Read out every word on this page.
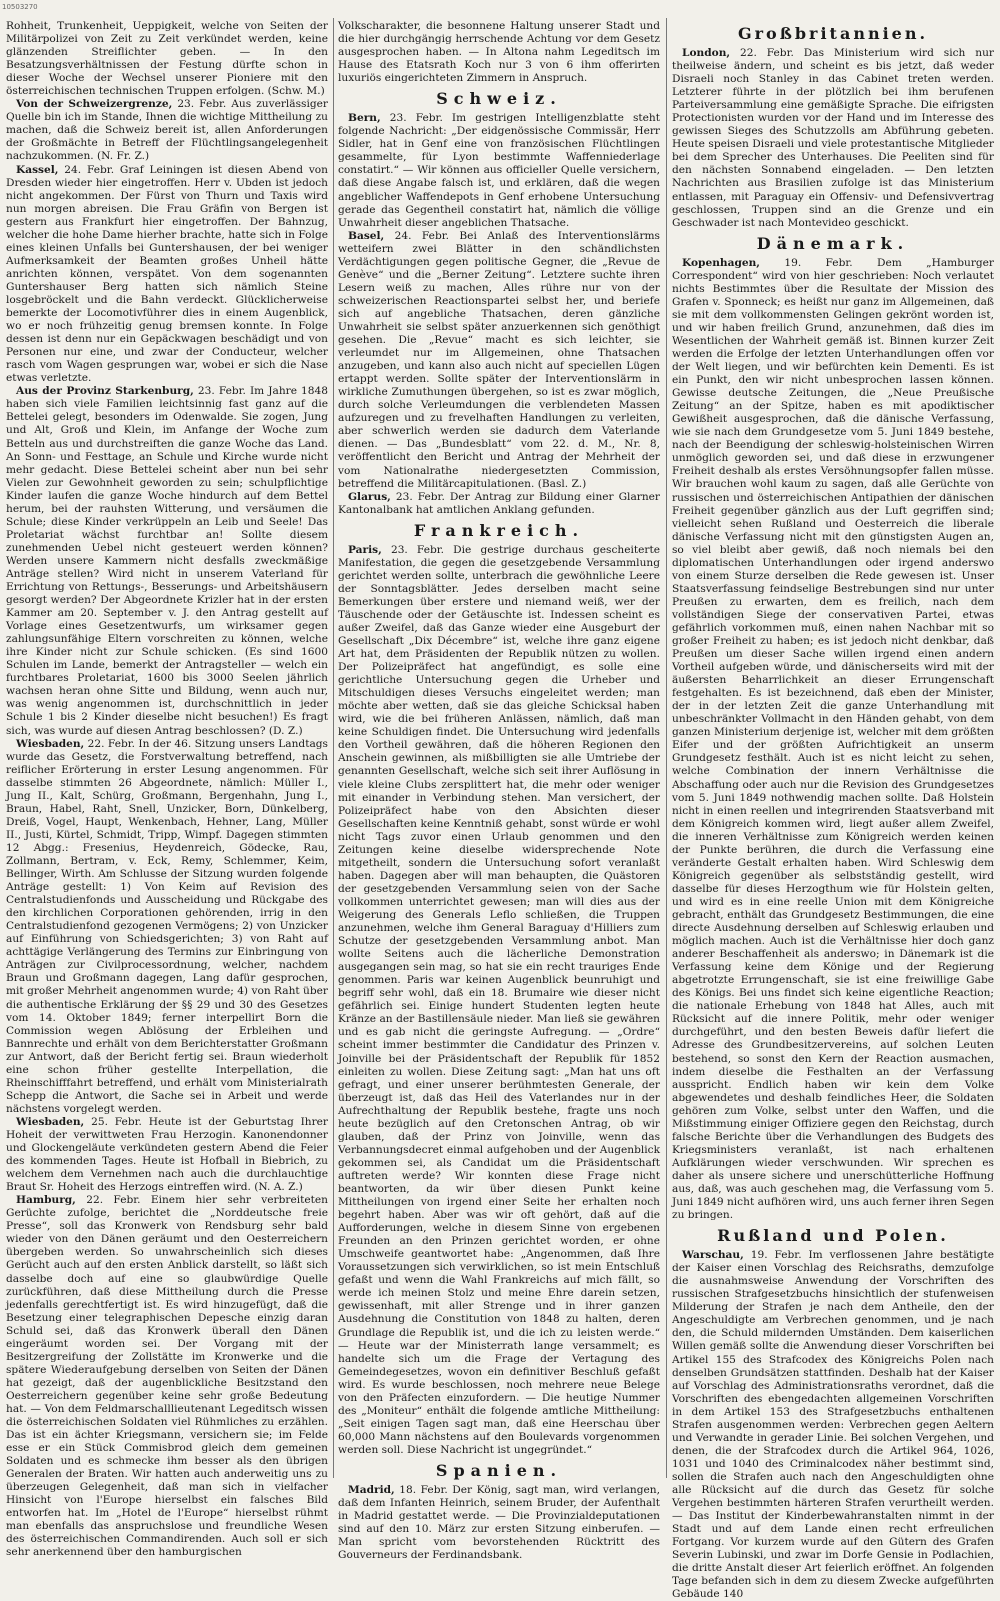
10503270

Rohheit, Trunkenheit, Ueppigkeit, welche von Seiten der Militärpolizei von Zeit zu Zeit verkündet werden, keine glänzenden Streiflichter geben. — In den Besatzungsverhältnissen der Festung dürfte schon in dieser Woche der Wechsel unserer Pioniere mit den österreichischen technischen Truppen erfolgen. (Schw. M.)

Von der Schweizergrenze, 23. Febr. Aus zuverlässiger Quelle bin ich im Stande, Ihnen die wichtige Mittheilung zu machen, daß die Schweiz bereit ist, allen Anforderungen der Großmächte in Betreff der Flüchtlingsangelegenheit nachzukommen. (N. Fr. Z.)

Kassel, 24. Febr. Graf Leiningen ist diesen Abend von Dresden wieder hier eingetroffen. Herr v. Ubden ist jedoch nicht angekommen. Der Fürst von Thurn und Taxis wird nun morgen abreisen. Die Frau Gräfin von Bergen ist gestern aus Frankfurt hier eingetroffen. Der Bahnzug, welcher die hohe Dame hierher brachte, hatte sich in Folge eines kleinen Unfalls bei Guntershausen, der bei weniger Aufmerksamkeit der Beamten großes Unheil hätte anrichten können, verspätet. Von dem sogenannten Guntershauser Berg hatten sich nämlich Steine losgebröckelt und die Bahn verdeckt. Glücklicherweise bemerkte der Locomotivführer dies in einem Augenblick, wo er noch frühzeitig genug bremsen konnte. In Folge dessen ist denn nur ein Gepäckwagen beschädigt und von Personen nur eine, und zwar der Conducteur, welcher rasch vom Wagen gesprungen war, wobei er sich die Nase etwas verletzte.

Aus der Provinz Starkenburg, 23. Febr. Im Jahre 1848 haben sich viele Familien leichtsinnig fast ganz auf die Bettelei gelegt, besonders im Odenwalde. Sie zogen, Jung und Alt, Groß und Klein, im Anfange der Woche zum Betteln aus und durchstreiften die ganze Woche das Land. An Sonn- und Festtage, an Schule und Kirche wurde nicht mehr gedacht. Diese Bettelei scheint aber nun bei sehr Vielen zur Gewohnheit geworden zu sein; schulpflichtige Kinder laufen die ganze Woche hindurch auf dem Bettel herum, bei der rauhsten Witterung, und versäumen die Schule; diese Kinder verkrüppeln an Leib und Seele! Das Proletariat wächst furchtbar an! Sollte diesem zunehmenden Uebel nicht gesteuert werden können? Werden unsere Kammern nicht desfalls zweckmäßige Anträge stellen? Wird nicht in unserem Vaterland für Errichtung von Rettungs-, Besserungs- und Arbeitshäusern gesorgt werden? Der Abgeordnete Krizler hat in der ersten Kammer am 20. September v. J. den Antrag gestellt auf Vorlage eines Gesetzentwurfs, um wirksamer gegen zahlungsunfähige Eltern vorschreiten zu können, welche ihre Kinder nicht zur Schule schicken. (Es sind 1600 Schulen im Lande, bemerkt der Antragsteller — welch ein furchtbares Proletariat, 1600 bis 3000 Seelen jährlich wachsen heran ohne Sitte und Bildung, wenn auch nur, was wenig angenommen ist, durchschnittlich in jeder Schule 1 bis 2 Kinder dieselbe nicht besuchen!) Es fragt sich, was wurde auf diesen Antrag beschlossen? (D. Z.)

Wiesbaden, 22. Febr. In der 46. Sitzung unsers Landtags wurde das Gesetz, die Forstverwaltung betreffend, nach reiflicher Erörterung in erster Lesung angenommen. Für dasselbe stimmten 26 Abgeordnete, nämlich: Müller I., Jung II., Kalt, Schürg, Großmann, Bergenhahn, Jung I., Braun, Habel, Raht, Snell, Unzicker, Born, Dünkelberg, Dreiß, Vogel, Haupt, Wenkenbach, Hehner, Lang, Müller II., Justi, Kürtel, Schmidt, Tripp, Wimpf. Dagegen stimmten 12 Abgg.: Fresenius, Heydenreich, Gödecke, Rau, Zollmann, Bertram, v. Eck, Remy, Schlemmer, Keim, Bellinger, Wirth. Am Schlusse der Sitzung wurden folgende Anträge gestellt: 1) Von Keim auf Revision des Centralstudienfonds und Ausscheidung und Rückgabe des den kirchlichen Corporationen gehörenden, irrig in den Centralstudienfond gezogenen Vermögens; 2) von Unzicker auf Einführung von Schiedsgerichten; 3) von Raht auf achttägige Verlängerung des Termins zur Einbringung von Anträgen zur Civilprocessordnung, welcher, nachdem Braun und Großmann dagegen, Lang dafür gesprochen, mit großer Mehrheit angenommen wurde; 4) von Raht über die authentische Erklärung der §§ 29 und 30 des Gesetzes vom 14. Oktober 1849; ferner interpellirt Born die Commission wegen Ablösung der Erbleihen und Bannrechte und erhält von dem Berichterstatter Großmann zur Antwort, daß der Bericht fertig sei. Braun wiederholt eine schon früher gestellte Interpellation, die Rheinschifffahrt betreffend, und erhält vom Ministerialrath Schepp die Antwort, die Sache sei in Arbeit und werde nächstens vorgelegt werden.

Wiesbaden, 25. Febr. Heute ist der Geburtstag Ihrer Hoheit der verwittweten Frau Herzogin. Kanonendonner und Glockengeläute verkündeten gestern Abend die Feier des kommenden Tages. Heute ist Hofball in Biebrich, zu welchem dem Vernehmen nach auch die durchlauchtige Braut Sr. Hoheit des Herzogs eintreffen wird. (N. A. Z.)

Hamburg, 22. Febr. Einem hier sehr verbreiteten Gerüchte zufolge, berichtet die „Norddeutsche freie Presse“, soll das Kronwerk von Rendsburg sehr bald wieder von den Dänen geräumt und den Oesterreichern übergeben werden. So unwahrscheinlich sich dieses Gerücht auch auf den ersten Anblick darstellt, so läßt sich dasselbe doch auf eine so glaubwürdige Quelle zurückführen, daß diese Mittheilung durch die Presse jedenfalls gerechtfertigt ist. Es wird hinzugefügt, daß die Besetzung einer telegraphischen Depesche einzig daran Schuld sei, daß das Kronwerk überall den Dänen eingeräumt worden sei. Der Vorgang mit der Besitzergreifung der Zollstätte im Kronwerke und die spätere Wiederaufgebung derselben von Seiten der Dänen hat gezeigt, daß der augenblickliche Besitzstand den Oesterreichern gegenüber keine sehr große Bedeutung hat. — Von dem Feldmarschalllieutenant Legeditsch wissen die österreichischen Soldaten viel Rühmliches zu erzählen. Das ist ein ächter Kriegsmann, versichern sie; im Felde esse er ein Stück Commisbrod gleich dem gemeinen Soldaten und es schmecke ihm besser als den übrigen Generalen der Braten. Wir hatten auch anderweitig uns zu überzeugen Gelegenheit, daß man sich in vielfacher Hinsicht von l'Europe hierselbst ein falsches Bild entworfen hat. Im „Hotel de l'Europe“ hierselbst rühmt man ebenfalls das anspruchslose und freundliche Wesen des österreichischen Commandirenden. Auch soll er sich sehr anerkennend über den hamburgischen

Volkscharakter, die besonnene Haltung unserer Stadt und die hier durchgängig herrschende Achtung vor dem Gesetz ausgesprochen haben. — In Altona nahm Legeditsch im Hause des Etatsrath Koch nur 3 von 6 ihm offerirten luxuriös eingerichteten Zimmern in Anspruch.

Schweiz.

Bern, 23. Febr. Im gestrigen Intelligenzblatte steht folgende Nachricht: „Der eidgenössische Commissär, Herr Sidler, hat in Genf eine von französischen Flüchtlingen gesammelte, für Lyon bestimmte Waffenniederlage constatirt.“ — Wir können aus officieller Quelle versichern, daß diese Angabe falsch ist, und erklären, daß die wegen angeblicher Waffendepots in Genf erhobene Untersuchung gerade das Gegentheil constatirt hat, nämlich die völlige Unwahrheit dieser angeblichen Thatsache.

Basel, 24. Febr. Bei Anlaß des Interventionslärms wetteifern zwei Blätter in den schändlichsten Verdächtigungen gegen politische Gegner, die „Revue de Genève“ und die „Berner Zeitung“. Letztere suchte ihren Lesern weiß zu machen, Alles rühre nur von der schweizerischen Reactionspartei selbst her, und beriefe sich auf angebliche Thatsachen, deren gänzliche Unwahrheit sie selbst später anzuerkennen sich genöthigt gesehen. Die „Revue“ macht es sich leichter, sie verleumdet nur im Allgemeinen, ohne Thatsachen anzugeben, und kann also auch nicht auf speciellen Lügen ertappt werden. Sollte später der Interventionslärm in wirkliche Zumuthungen übergehen, so ist es zwar möglich, durch solche Verleumdungen die verblendeten Massen aufzuregen und zu frevelhaften Handlungen zu verleiten, aber schwerlich werden sie dadurch dem Vaterlande dienen. — Das „Bundesblatt“ vom 22. d. M., Nr. 8, veröffentlicht den Bericht und Antrag der Mehrheit der vom Nationalrathe niedergesetzten Commission, betreffend die Militärcapitulationen. (Basl. Z.)

Glarus, 23. Febr. Der Antrag zur Bildung einer Glarner Kantonalbank hat amtlichen Anklang gefunden.

Frankreich.

Paris, 23. Febr. Die gestrige durchaus gescheiterte Manifestation, die gegen die gesetzgebende Versammlung gerichtet werden sollte, unterbrach die gewöhnliche Leere der Sonntagsblätter. Jedes derselben macht seine Bemerkungen über erstere und niemand weiß, wer der Täuschende oder der Getäuschte ist. Indessen scheint es außer Zweifel, daß das Ganze wieder eine Ausgeburt der Gesellschaft „Dix Décembre“ ist, welche ihre ganz eigene Art hat, dem Präsidenten der Republik nützen zu wollen. Der Polizeipräfect hat angefündigt, es solle eine gerichtliche Untersuchung gegen die Urheber und Mitschuldigen dieses Versuchs eingeleitet werden; man möchte aber wetten, daß sie das gleiche Schicksal haben wird, wie die bei früheren Anlässen, nämlich, daß man keine Schuldigen findet. Die Untersuchung wird jedenfalls den Vortheil gewähren, daß die höheren Regionen den Anschein gewinnen, als mißbilligten sie alle Umtriebe der genannten Gesellschaft, welche sich seit ihrer Auflösung in viele kleine Clubs zersplittert hat, die mehr oder weniger mit einander in Verbindung stehen. Man versichert, der Polizeipräfect habe von den Absichten dieser Gesellschaften keine Kenntniß gehabt, sonst würde er wohl nicht Tags zuvor einen Urlaub genommen und den Zeitungen keine dieselbe widersprechende Note mitgetheilt, sondern die Untersuchung sofort veranlaßt haben. Dagegen aber will man behaupten, die Quästoren der gesetzgebenden Versammlung seien von der Sache vollkommen unterrichtet gewesen; man will dies aus der Weigerung des Generals Leflo schließen, die Truppen anzunehmen, welche ihm General Baraguay d'Hilliers zum Schutze der gesetzgebenden Versammlung anbot. Man wollte Seitens auch die lächerliche Demonstration ausgegangen sein mag, so hat sie ein recht trauriges Ende genommen. Paris war keinen Augenblick beunruhigt und begriff sehr wohl, daß ein 18. Brumaire wie dieser nicht gefährlich sei. Einige hundert Studenten legten heute Kränze an der Bastillensäule nieder. Man ließ sie gewähren und es gab nicht die geringste Aufregung. — „Ordre“ scheint immer bestimmter die Candidatur des Prinzen v. Joinville bei der Präsidentschaft der Republik für 1852 einleiten zu wollen. Diese Zeitung sagt: „Man hat uns oft gefragt, und einer unserer berühmtesten Generale, der überzeugt ist, daß das Heil des Vaterlandes nur in der Aufrechthaltung der Republik bestehe, fragte uns noch heute bezüglich auf den Cretonschen Antrag, ob wir glauben, daß der Prinz von Joinville, wenn das Verbannungsdecret einmal aufgehoben und der Augenblick gekommen sei, als Candidat um die Präsidentschaft auftreten werde? Wir konnten diese Frage nicht beantworten, da wir über diesen Punkt keine Mittheilungen von irgend einer Seite her erhalten noch begehrt haben. Aber was wir oft gehört, daß auf die Aufforderungen, welche in diesem Sinne von ergebenen Freunden an den Prinzen gerichtet worden, er ohne Umschweife geantwortet habe: „Angenommen, daß Ihre Voraussetzungen sich verwirklichen, so ist mein Entschluß gefaßt und wenn die Wahl Frankreichs auf mich fällt, so werde ich meinen Stolz und meine Ehre darein setzen, gewissenhaft, mit aller Strenge und in ihrer ganzen Ausdehnung die Constitution von 1848 zu halten, deren Grundlage die Republik ist, und die ich zu leisten werde.“ — Heute war der Ministerrath lange versammelt; es handelte sich um die Frage der Vertagung des Gemeindegesetzes, wovon ein definitiver Beschluß gefaßt wird. Es wurde beschlossen, noch mehrere neue Belege von den Präfecten einzufordern. — Die heutige Nummer des „Moniteur“ enthält die folgende amtliche Mittheilung: „Seit einigen Tagen sagt man, daß eine Heerschau über 60,000 Mann nächstens auf den Boulevards vorgenommen werden soll. Diese Nachricht ist ungegründet.“

Spanien.

Madrid, 18. Febr. Der König, sagt man, wird verlangen, daß dem Infanten Heinrich, seinem Bruder, der Aufenthalt in Madrid gestattet werde. — Die Provinzialdeputationen sind auf den 10. März zur ersten Sitzung einberufen. — Man spricht vom bevorstehenden Rücktritt des Gouverneurs der Ferdinandsbank.

Großbritannien.

London, 22. Febr. Das Ministerium wird sich nur theilweise ändern, und scheint es bis jetzt, daß weder Disraeli noch Stanley in das Cabinet treten werden. Letzterer führte in der plötzlich bei ihm berufenen Parteiversammlung eine gemäßigte Sprache. Die eifrigsten Protectionisten wurden vor der Hand und im Interesse des gewissen Sieges des Schutzzolls am Abführung gebeten. Heute speisen Disraeli und viele protestantische Mitglieder bei dem Sprecher des Unterhauses. Die Peeliten sind für den nächsten Sonnabend eingeladen. — Den letzten Nachrichten aus Brasilien zufolge ist das Ministerium entlassen, mit Paraguay ein Offensiv- und Defensivvertrag geschlossen, Truppen sind an die Grenze und ein Geschwader ist nach Montevideo geschickt.

Dänemark.

Kopenhagen, 19. Febr. Dem „Hamburger Correspondent“ wird von hier geschrieben: Noch verlautet nichts Bestimmtes über die Resultate der Mission des Grafen v. Sponneck; es heißt nur ganz im Allgemeinen, daß sie mit dem vollkommensten Gelingen gekrönt worden ist, und wir haben freilich Grund, anzunehmen, daß dies im Wesentlichen der Wahrheit gemäß ist. Binnen kurzer Zeit werden die Erfolge der letzten Unterhandlungen offen vor der Welt liegen, und wir befürchten kein Dementi. Es ist ein Punkt, den wir nicht unbesprochen lassen können. Gewisse deutsche Zeitungen, die „Neue Preußische Zeitung“ an der Spitze, haben es mit apodiktischer Gewißheit ausgesprochen, daß die dänische Verfassung, wie sie nach dem Grundgesetze vom 5. Juni 1849 bestehe, nach der Beendigung der schleswig-holsteinischen Wirren unmöglich geworden sei, und daß diese in erzwungener Freiheit deshalb als erstes Versöhnungsopfer fallen müsse. Wir brauchen wohl kaum zu sagen, daß alle Gerüchte von russischen und österreichischen Antipathien der dänischen Freiheit gegenüber gänzlich aus der Luft gegriffen sind; vielleicht sehen Rußland und Oesterreich die liberale dänische Verfassung nicht mit den günstigsten Augen an, so viel bleibt aber gewiß, daß noch niemals bei den diplomatischen Unterhandlungen oder irgend anderswo von einem Sturze derselben die Rede gewesen ist. Unser Staatsverfassung feindselige Bestrebungen sind nur unter Preußen zu erwarten, dem es freilich, nach dem vollständigen Siege der conservativen Partei, etwas gefährlich vorkommen muß, einen nahen Nachbar mit so großer Freiheit zu haben; es ist jedoch nicht denkbar, daß Preußen um dieser Sache willen irgend einen andern Vortheil aufgeben würde, und dänischerseits wird mit der äußersten Beharrlichkeit an dieser Errungenschaft festgehalten. Es ist bezeichnend, daß eben der Minister, der in der letzten Zeit die ganze Unterhandlung mit unbeschränkter Vollmacht in den Händen gehabt, von dem ganzen Ministerium derjenige ist, welcher mit dem größten Eifer und der größten Aufrichtigkeit an unserm Grundgesetz festhält. Auch ist es nicht leicht zu sehen, welche Combination der innern Verhältnisse die Abschaffung oder auch nur die Revision des Grundgesetzes vom 5. Juni 1849 nothwendig machen sollte. Daß Holstein nicht in einen reellen und integrirenden Staatsverband mit dem Königreich kommen wird, liegt außer allem Zweifel, die inneren Verhältnisse zum Königreich werden keinen der Punkte berühren, die durch die Verfassung eine veränderte Gestalt erhalten haben. Wird Schleswig dem Königreich gegenüber als selbstständig gestellt, wird dasselbe für dieses Herzogthum wie für Holstein gelten, und wird es in eine reelle Union mit dem Königreiche gebracht, enthält das Grundgesetz Bestimmungen, die eine directe Ausdehnung derselben auf Schleswig erlauben und möglich machen. Auch ist die Verhältnisse hier doch ganz anderer Beschaffenheit als anderswo; in Dänemark ist die Verfassung keine dem Könige und der Regierung abgetrotzte Errungenschaft, sie ist eine freiwillige Gabe des Königs. Bei uns findet sich keine eigentliche Reaction; die nationale Erhebung von 1848 hat Alles, auch mit Rücksicht auf die innere Politik, mehr oder weniger durchgeführt, und den besten Beweis dafür liefert die Adresse des Grundbesitzervereins, auf solchen Leuten bestehend, so sonst den Kern der Reaction ausmachen, indem dieselbe die Festhalten an der Verfassung ausspricht. Endlich haben wir kein dem Volke abgewendetes und deshalb feindliches Heer, die Soldaten gehören zum Volke, selbst unter den Waffen, und die Mißstimmung einiger Offiziere gegen den Reichstag, durch falsche Berichte über die Verhandlungen des Budgets des Kriegsministers veranlaßt, ist nach erhaltenen Aufklärungen wieder verschwunden. Wir sprechen es daher als unsere sichere und unerschütterliche Hoffnung aus, daß, was auch geschehen mag, die Verfassung vom 5. Juni 1849 nicht aufhören wird, uns auch ferner ihren Segen zu bringen.

Rußland und Polen.

Warschau, 19. Febr. Im verflossenen Jahre bestätigte der Kaiser einen Vorschlag des Reichsraths, demzufolge die ausnahmsweise Anwendung der Vorschriften des russischen Strafgesetzbuchs hinsichtlich der stufenweisen Milderung der Strafen je nach dem Antheile, den der Angeschuldigte am Verbrechen genommen, und je nach den, die Schuld mildernden Umständen. Dem kaiserlichen Willen gemäß sollte die Anwendung dieser Vorschriften bei Artikel 155 des Strafcodex des Königreichs Polen nach denselben Grundsätzen stattfinden. Deshalb hat der Kaiser auf Vorschlag des Administrationsraths verordnet, daß die Vorschriften des ebengedachten allgemeinen Vorschriften in dem Artikel 153 des Strafgesetzbuchs enthaltenen Strafen ausgenommen werden: Verbrechen gegen Aeltern und Verwandte in gerader Linie. Bei solchen Vergehen, und denen, die der Strafcodex durch die Artikel 964, 1026, 1031 und 1040 des Criminalcodex näher bestimmt sind, sollen die Strafen auch nach den Angeschuldigten ohne alle Rücksicht auf die durch das Gesetz für solche Vergehen bestimmten härteren Strafen verurtheilt werden. — Das Institut der Kinderbewahranstalten nimmt in der Stadt und auf dem Lande einen recht erfreulichen Fortgang. Vor kurzem wurde auf den Gütern des Grafen Severin Lubinski, und zwar im Dorfe Gensie in Podlachien, die dritte Anstalt dieser Art feierlich eröffnet. An folgenden Tage befanden sich in dem zu diesem Zwecke aufgeführten Gebäude 140
